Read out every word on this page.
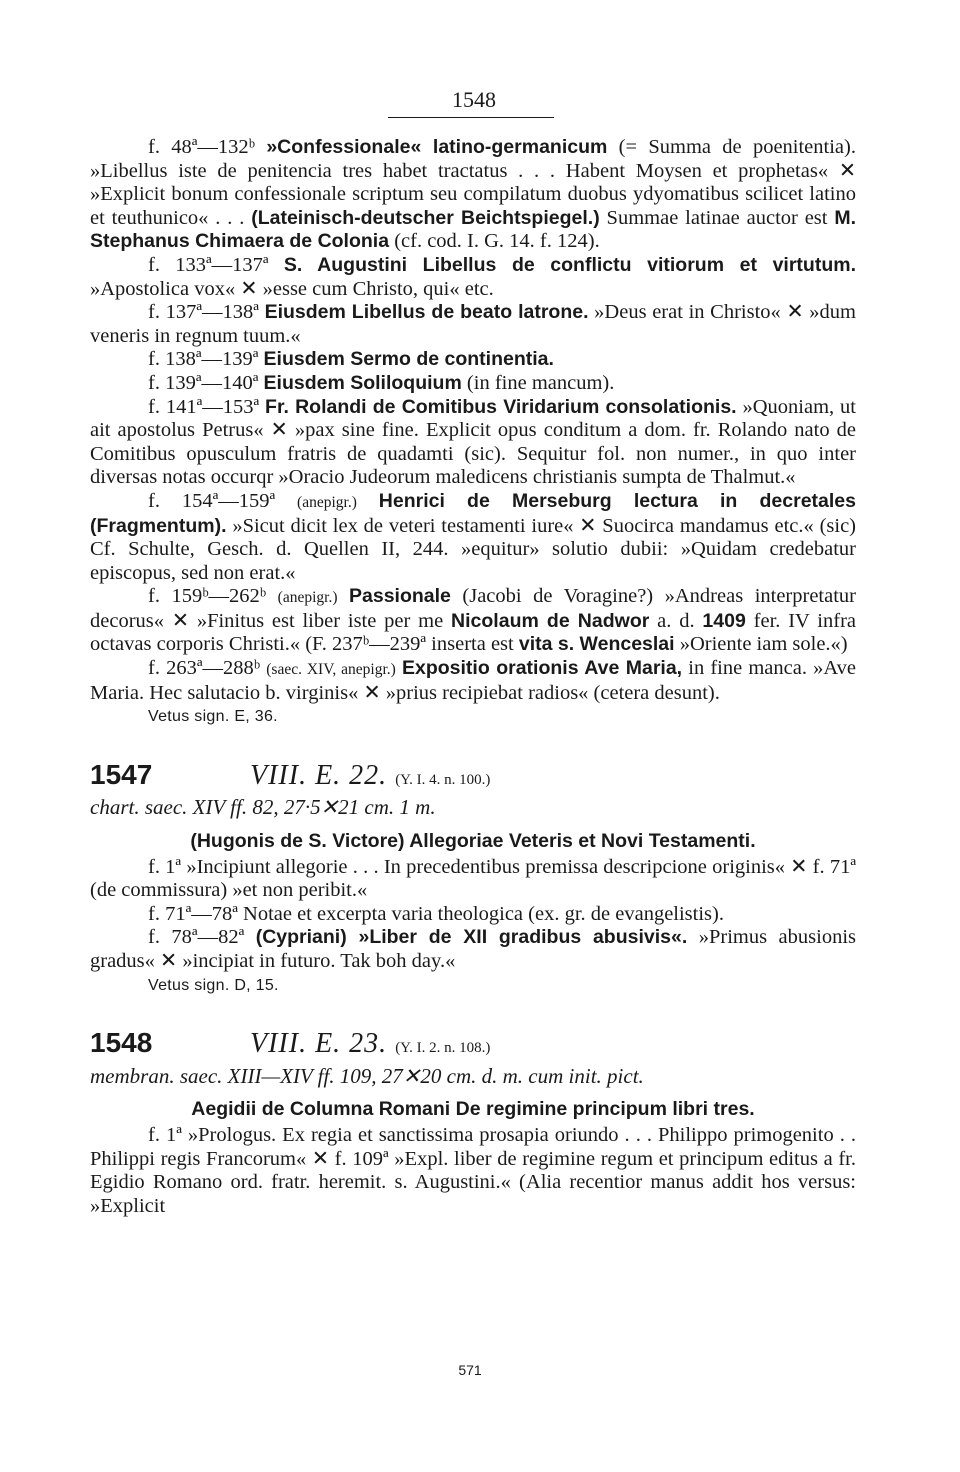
1548

f. 48ª—132ᵇ »Confessionale« latino-germanicum (= Summa de poenitentia). »Libellus iste de penitencia tres habet tractatus . . . Habent Moysen et prophetas« ✕ »Explicit bonum confessionale scriptum seu compilatum duobus ydyomatibus scilicet latino et teuthunico« . . . (Lateinisch-deutscher Beichtspiegel.) Summae latinae auctor est M. Stephanus Chimaera de Colonia (cf. cod. I. G. 14. f. 124).

f. 133ª—137ª S. Augustini Libellus de conflictu vitiorum et virtutum. »Apostolica vox« ✕ »esse cum Christo, qui« etc.

f. 137ª—138ª Eiusdem Libellus de beato latrone. »Deus erat in Christo« ✕ »dum veneris in regnum tuum.«

f. 138ª—139ª Eiusdem Sermo de continentia.

f. 139ª—140ª Eiusdem Soliloquium (in fine mancum).

f. 141ª—153ª Fr. Rolandi de Comitibus Viridarium consolationis. »Quoniam, ut ait apostolus Petrus« ✕ »pax sine fine. Explicit opus conditum a dom. fr. Rolando nato de Comitibus opusculum fratris de quadamti (sic). Sequitur fol. non numer., in quo inter diversas notas occurqr »Oracio Judeorum maledicens christianis sumpta de Thalmut.«

f. 154ª—159ª (anepigr.) Henrici de Merseburg lectura in decretales (Fragmentum). »Sicut dicit lex de veteri testamenti iure« ✕ Suocirca mandamus etc.« (sic) Cf. Schulte, Gesch. d. Quellen II, 244. »equitur» solutio dubii: »Quidam credebatur episcopus, sed non erat.«

f. 159ᵇ—262ᵇ (anepigr.) Passionale (Jacobi de Voragine?) »Andreas interpretatur decorus« ✕ »Finitus est liber iste per me Nicolaum de Nadwor a. d. 1409 fer. IV infra octavas corporis Christi.« (F. 237ᵇ—239ª inserta est vita s. Wenceslai »Oriente iam sole.«)

f. 263ª—288ᵇ (saec. XIV, anepigr.) Expositio orationis Ave Maria, in fine manca. »Ave Maria. Hec salutacio b. virginis« ✕ »prius recipiebat radios« (cetera desunt).

Vetus sign. E, 36.

1547	VIII. E. 22. (Y. I. 4. n. 100.)
chart. saec. XIV ff. 82, 27·5✕21 cm. 1 m.
(Hugonis de S. Victore) Allegoriae Veteris et Novi Testamenti.

f. 1ª »Incipiunt allegorie . . . In precedentibus premissa descripcione originis« ✕ f. 71ª (de commissura) »et non peribit.«

f. 71ª—78ª Notae et excerpta varia theologica (ex. gr. de evangelistis).

f. 78ª—82ª (Cypriani) »Liber de XII gradibus abusivis«. »Primus abusionis gradus« ✕ »incipiat in futuro. Tak boh day.«

Vetus sign. D, 15.

1548	VIII. E. 23. (Y. I. 2. n. 108.)
membran. saec. XIII—XIV ff. 109, 27✕20 cm. d. m. cum init. pict.
Aegidii de Columna Romani De regimine principum libri tres.

f. 1ª »Prologus. Ex regia et sanctissima prosapia oriundo . . . Philippo primogenito . . Philippi regis Francorum« ✕ f. 109ª »Expl. liber de regimine regum et principum editus a fr. Egidio Romano ord. fratr. heremit. s. Augustini.« (Alia recentior manus addit hos versus: »Explicit

571
